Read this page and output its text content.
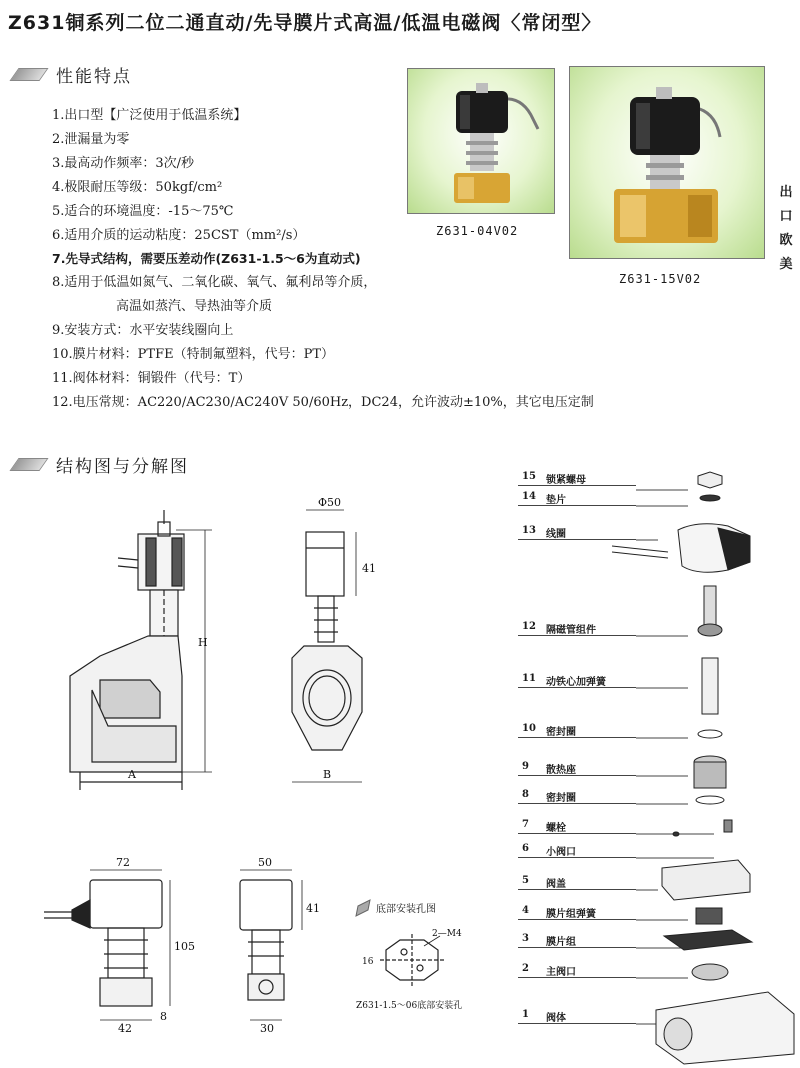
Z631铜系列二位二通直动/先导膜片式高温/低温电磁阀〈常闭型〉
性能特点
1.出口型【广泛使用于低温系统】
2.泄漏量为零
3.最高动作频率：3次/秒
4.极限耐压等级：50kgf/cm²
5.适合的环境温度：-15～75℃
6.适用介质的运动粘度：25CST（mm²/s）
7.先导式结构，需要压差动作(Z631-1.5～6为直动式)
8.适用于低温如氮气、二氧化碳、氧气、氟利昂等介质，
高温如蒸汽、导热油等介质
9.安装方式：水平安装线圈向上
10.膜片材料：PTFE（特制氟塑料，代号：PT）
11.阀体材料：铜锻件（代号：T）
12.电压常规：AC220/AC230/AC240V 50/60Hz，DC24，允许波动±10%，其它电压定制
Z631-04V02
Z631-15V02
出
口
欧
美
结构图与分解图
H
A
Φ50
41
B
72
105
42
8
50
41
30
底部安装孔图
2—M4
16
Z631-1.5～06底部安装孔
15 锁紧螺母
14 垫片
13 线圈
12 隔磁管组件
11 动铁心加弹簧
10 密封圈
9 散热座
8 密封圈
7 螺栓
6 小阀口
5 阀盖
4 膜片组弹簧
3 膜片组
2 主阀口
1 阀体
